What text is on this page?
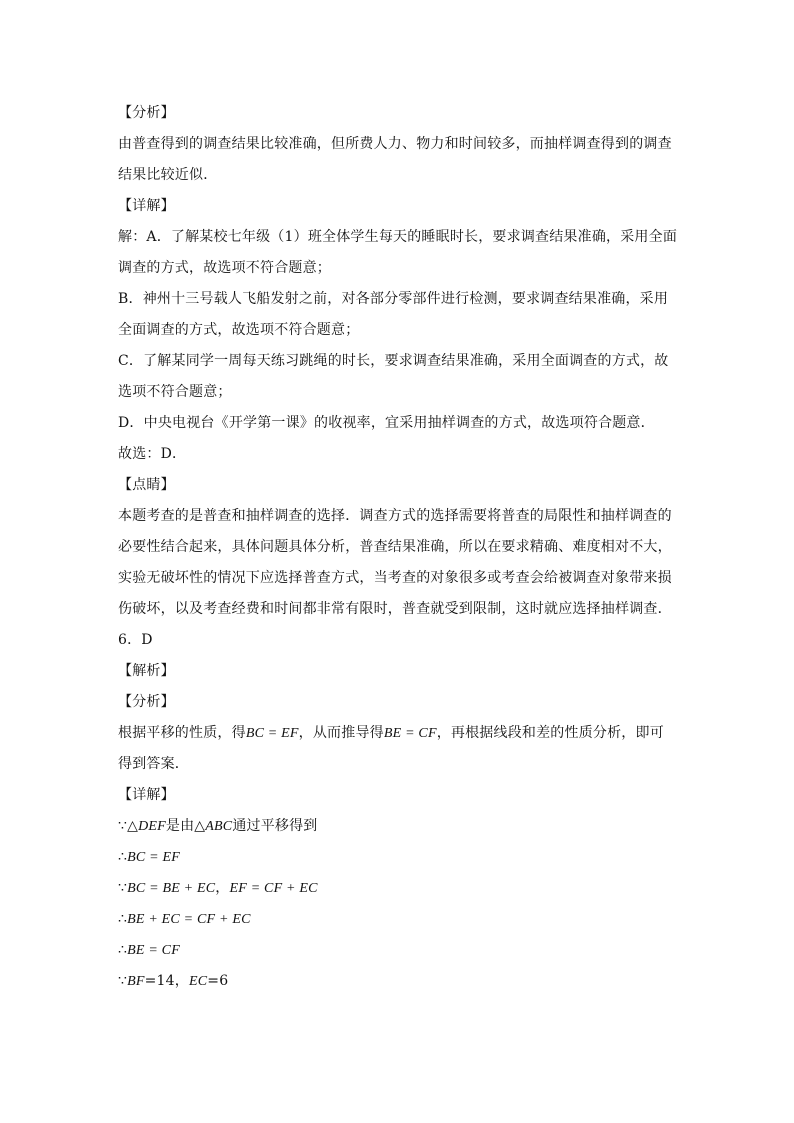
【分析】
由普查得到的调查结果比较准确，但所费人力、物力和时间较多，而抽样调查得到的调查
结果比较近似．
【详解】
解：A．了解某校七年级（1）班全体学生每天的睡眠时长，要求调查结果准确，采用全面
调查的方式，故选项不符合题意；
B．神州十三号载人飞船发射之前，对各部分零部件进行检测，要求调查结果准确，采用
全面调查的方式，故选项不符合题意；
C．了解某同学一周每天练习跳绳的时长，要求调查结果准确，采用全面调查的方式，故
选项不符合题意；
D．中央电视台《开学第一课》的收视率，宜采用抽样调查的方式，故选项符合题意．
故选：D．
【点睛】
本题考查的是普查和抽样调查的选择．调查方式的选择需要将普查的局限性和抽样调查的
必要性结合起来，具体问题具体分析，普查结果准确，所以在要求精确、难度相对不大，
实验无破坏性的情况下应选择普查方式，当考查的对象很多或考查会给被调查对象带来损
伤破坏，以及考查经费和时间都非常有限时，普查就受到限制，这时就应选择抽样调查．
6．D
【解析】
【分析】
根据平移的性质，得BC = EF，从而推导得BE = CF，再根据线段和差的性质分析，即可
得到答案．
【详解】
∵△DEF是由△ABC通过平移得到
∴BC = EF
∵BC = BE + EC，EF = CF + EC
∴BE + EC = CF + EC
∴BE = CF
∵BF=14，EC=6
